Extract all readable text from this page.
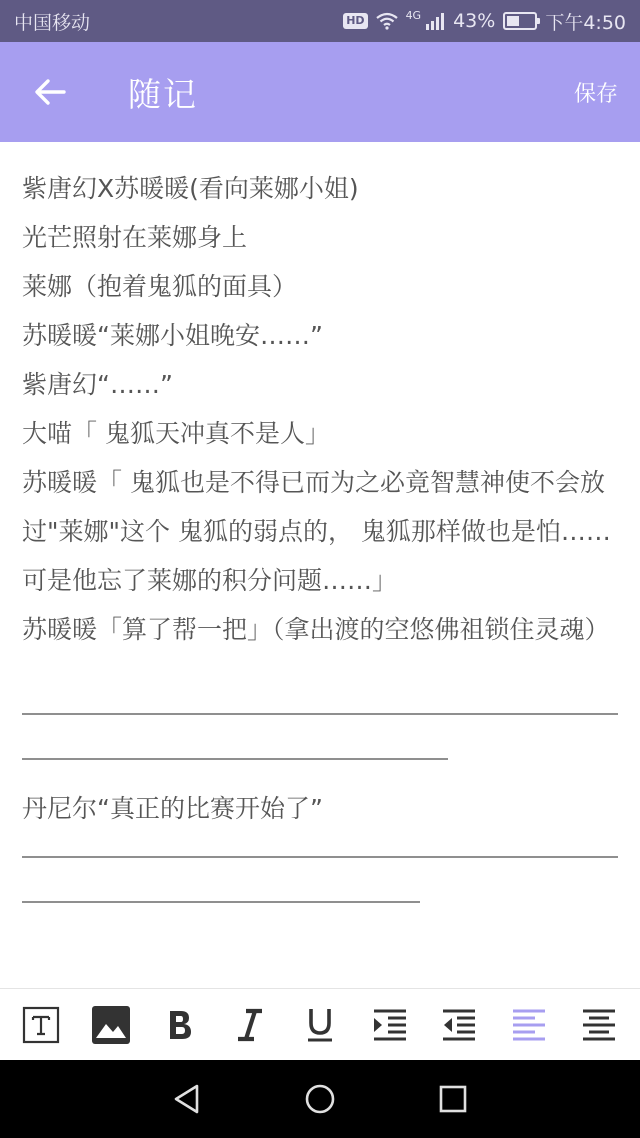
中国移动	HD	4G 43%	下午4:50
随记	保存
紫唐幻X苏暖暖(看向莱娜小姐)
光芒照射在莱娜身上
莱娜（抱着鬼狐的面具）
苏暖暖“莱娜小姐晚安……”
紫唐幻“……”
大喵「 鬼狐天冲真不是人」
苏暖暖「 鬼狐也是不得已而为之必竟智慧神使不会放过"莱娜"这个 鬼狐的弱点的， 鬼狐那样做也是怕……可是他忘了莱娜的积分问题……」
苏暖暖「算了帮一把」（拿出渡的空悠佛祖锁住灵魂）
丹尼尔“真正的比赛开始了”
